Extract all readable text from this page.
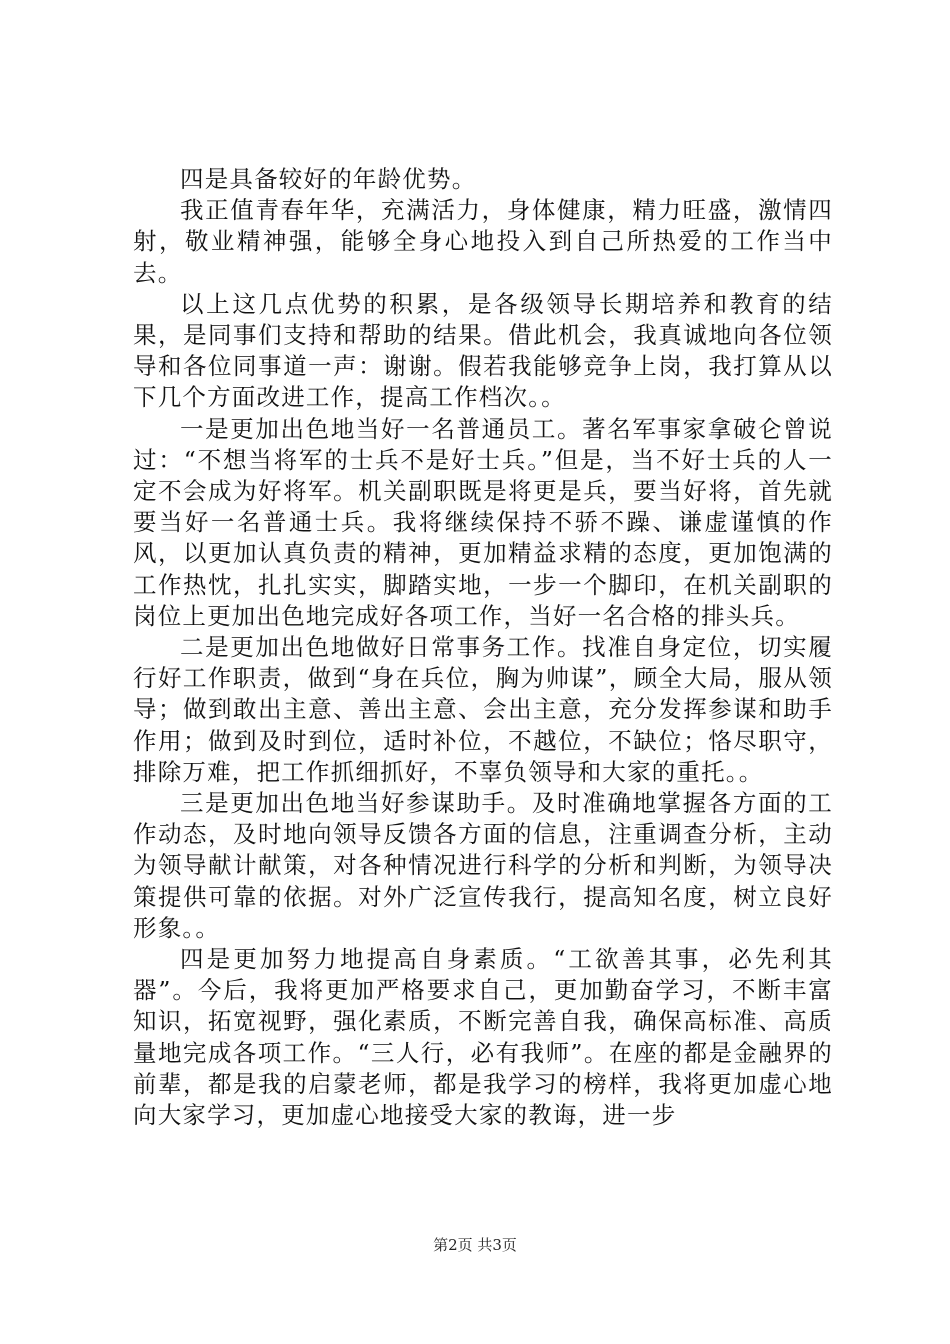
四是具备较好的年龄优势。

我正值青春年华，充满活力，身体健康，精力旺盛，激情四射，敬业精神强，能够全身心地投入到自己所热爱的工作当中去。

以上这几点优势的积累，是各级领导长期培养和教育的结果，是同事们支持和帮助的结果。借此机会，我真诚地向各位领导和各位同事道一声：谢谢。假若我能够竞争上岗，我打算从以下几个方面改进工作，提高工作档次。。

一是更加出色地当好一名普通员工。著名军事家拿破仑曾说过：“不想当将军的士兵不是好士兵。”但是，当不好士兵的人一定不会成为好将军。机关副职既是将更是兵，要当好将，首先就要当好一名普通士兵。我将继续保持不骄不躁、谦虚谨慎的作风，以更加认真负责的精神，更加精益求精的态度，更加饱满的工作热忱，扎扎实实，脚踏实地，一步一个脚印，在机关副职的岗位上更加出色地完成好各项工作，当好一名合格的排头兵。

二是更加出色地做好日常事务工作。找准自身定位，切实履行好工作职责，做到“身在兵位，胸为帅谋”，顾全大局，服从领导；做到敢出主意、善出主意、会出主意，充分发挥参谋和助手作用；做到及时到位，适时补位，不越位，不缺位；恪尽职守，排除万难，把工作抓细抓好，不辜负领导和大家的重托。。

三是更加出色地当好参谋助手。及时准确地掌握各方面的工作动态，及时地向领导反馈各方面的信息，注重调查分析，主动为领导献计献策，对各种情况进行科学的分析和判断，为领导决策提供可靠的依据。对外广泛宣传我行，提高知名度，树立良好形象。。

四是更加努力地提高自身素质。“工欲善其事，必先利其器”。今后，我将更加严格要求自己，更加勤奋学习，不断丰富知识，拓宽视野，强化素质，不断完善自我，确保高标准、高质量地完成各项工作。“三人行，必有我师”。在座的都是金融界的前辈，都是我的启蒙老师，都是我学习的榜样，我将更加虚心地向大家学习，更加虚心地接受大家的教诲，进一步

第2页 共3页
